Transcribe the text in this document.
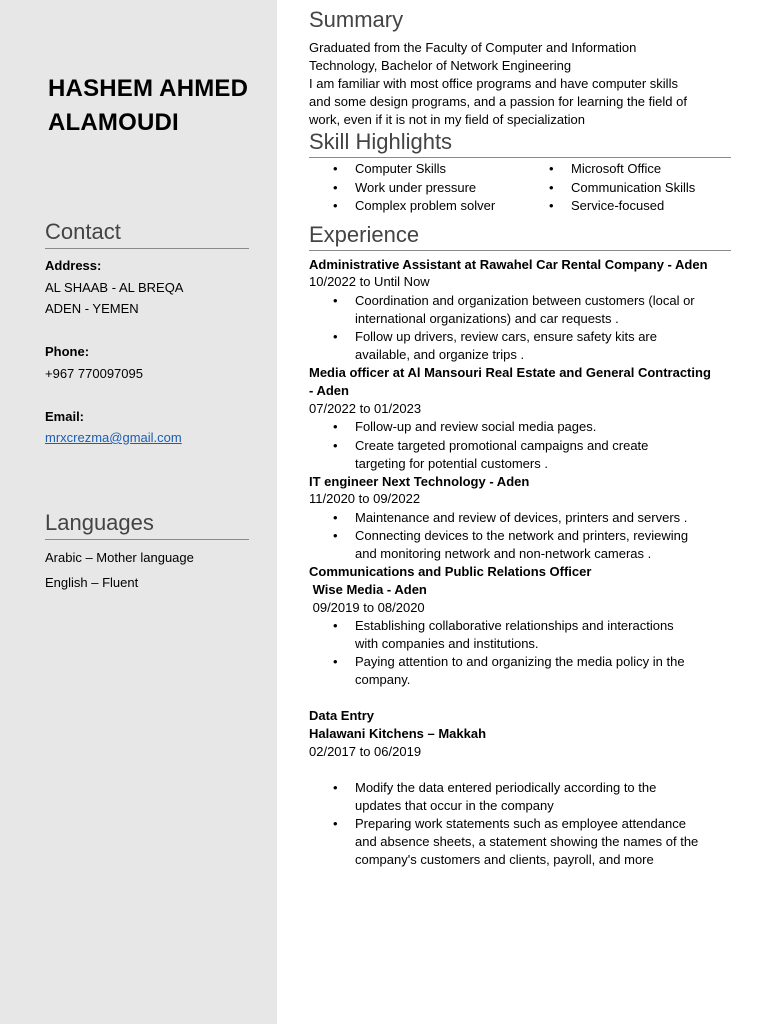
HASHEM AHMED
ALAMOUDI
Contact
Address:
AL SHAAB - AL BREQA
ADEN - YEMEN
Phone:
+967 770097095
Email:
mrxcrezma@gmail.com
Languages
Arabic – Mother language
English – Fluent
Summary
Graduated from the Faculty of Computer and Information
Technology, Bachelor of Network Engineering
I am familiar with most office programs and have computer skills
and some design programs, and a passion for learning the field of
work, even if it is not in my field of specialization
Skill Highlights
• Computer Skills
• Work under pressure
• Complex problem solver
• Microsoft Office
• Communication Skills
• Service-focused
Experience
Administrative Assistant at Rawahel Car Rental Company - Aden
10/2022 to Until Now
• Coordination and organization between customers (local or
international organizations) and car requests .
• Follow up drivers, review cars, ensure safety kits are
available, and organize trips .
Media officer at Al Mansouri Real Estate and General Contracting
- Aden
07/2022 to 01/2023
• Follow-up and review social media pages.
• Create targeted promotional campaigns and create
targeting for potential customers .
IT engineer Next Technology - Aden
11/2020 to 09/2022
• Maintenance and review of devices, printers and servers .
• Connecting devices to the network and printers, reviewing
and monitoring network and non-network cameras .
Communications and Public Relations Officer
Wise Media - Aden
09/2019 to 08/2020
• Establishing collaborative relationships and interactions
with companies and institutions.
• Paying attention to and organizing the media policy in the
company.
Data Entry
Halawani Kitchens – Makkah
02/2017 to 06/2019
• Modify the data entered periodically according to the
updates that occur in the company
• Preparing work statements such as employee attendance
and absence sheets, a statement showing the names of the
company's customers and clients, payroll, and more
